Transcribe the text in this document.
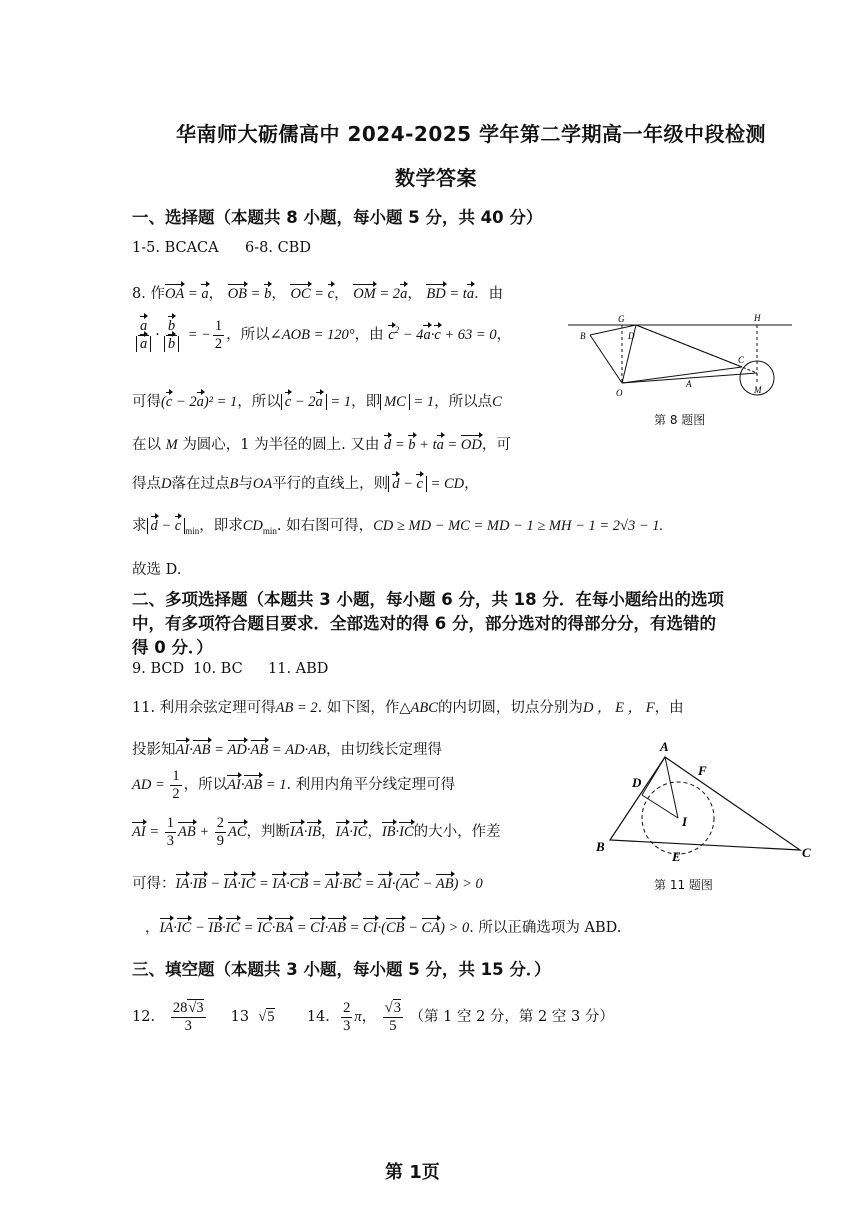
华南师大砺儒高中 2024-2025 学年第二学期高一年级中段检测
数学答案
一、选择题（本题共 8 小题，每小题 5 分，共 40 分）
1-5. BCACA 6-8. CBD
8. 作OA = a， OB = b， OC = c， OM = 2a， BD = ta．由
$\frac{a}{a} \cdot \frac{b}{b}$ = − $\frac{1}{2}$ ，所以∠AOB = 120°，由 $c^2 - 4a\cdot c + 63 = 0$，
可得(c − 2a)² = 1，所以 c − 2a = 1，即 MC = 1，所以点C
在以 M 为圆心，1 为半径的圆上. 又由 d = b + ta = OD，可
得点D落在过点B与OA平行的直线上，则 d − c = CD，
求 d − c $_{min}$，即求$CD_{min}$. 如右图可得，CD ≥ MD − MC = MD − 1 ≥ MH − 1 = 2√3 − 1.
故选 D.
G	H
B	D
C
O
A
M
第 8 题图
二、多项选择题（本题共 3 小题，每小题 6 分，共 18 分．在每小题给出的选项
中，有多项符合题目要求．全部选对的得 6 分，部分选对的得部分分，有选错的
得 0 分．）
9. BCD 10. BC 11. ABD
11. 利用余弦定理可得AB = 2. 如下图，作△ABC的内切圆，切点分别为D ， E ， F，由
投影知AI·AB = AD·AB = AD·AB，由切线长定理得
AD = $\frac{1}{2}$ ，所以AI·AB = 1. 利用内角平分线定理可得
AI = $\frac{1}{3}$ AB + $\frac{2}{9}$ AC，判断IA·IB，IA·IC，IB·IC的大小，作差
可得：IA·IB − IA·IC = IA·CB = AI·BC = AI·(AC − AB) > 0
，IA·IC − IB·IC = IC·BA = CI·AB = CI·(CB − CA) > 0. 所以正确选项为 ABD.
A
F
D
I
B
E	C
第 11 题图
三、填空题（本题共 3 小题，每小题 5 分，共 15 分．）
12. $\frac{28√3}{3} 13$ √5 14. $\frac{2}{3}$ π， $\frac{√3}{5}$ （第 1 空 2 分，第 2 空 3 分）
第 1页
